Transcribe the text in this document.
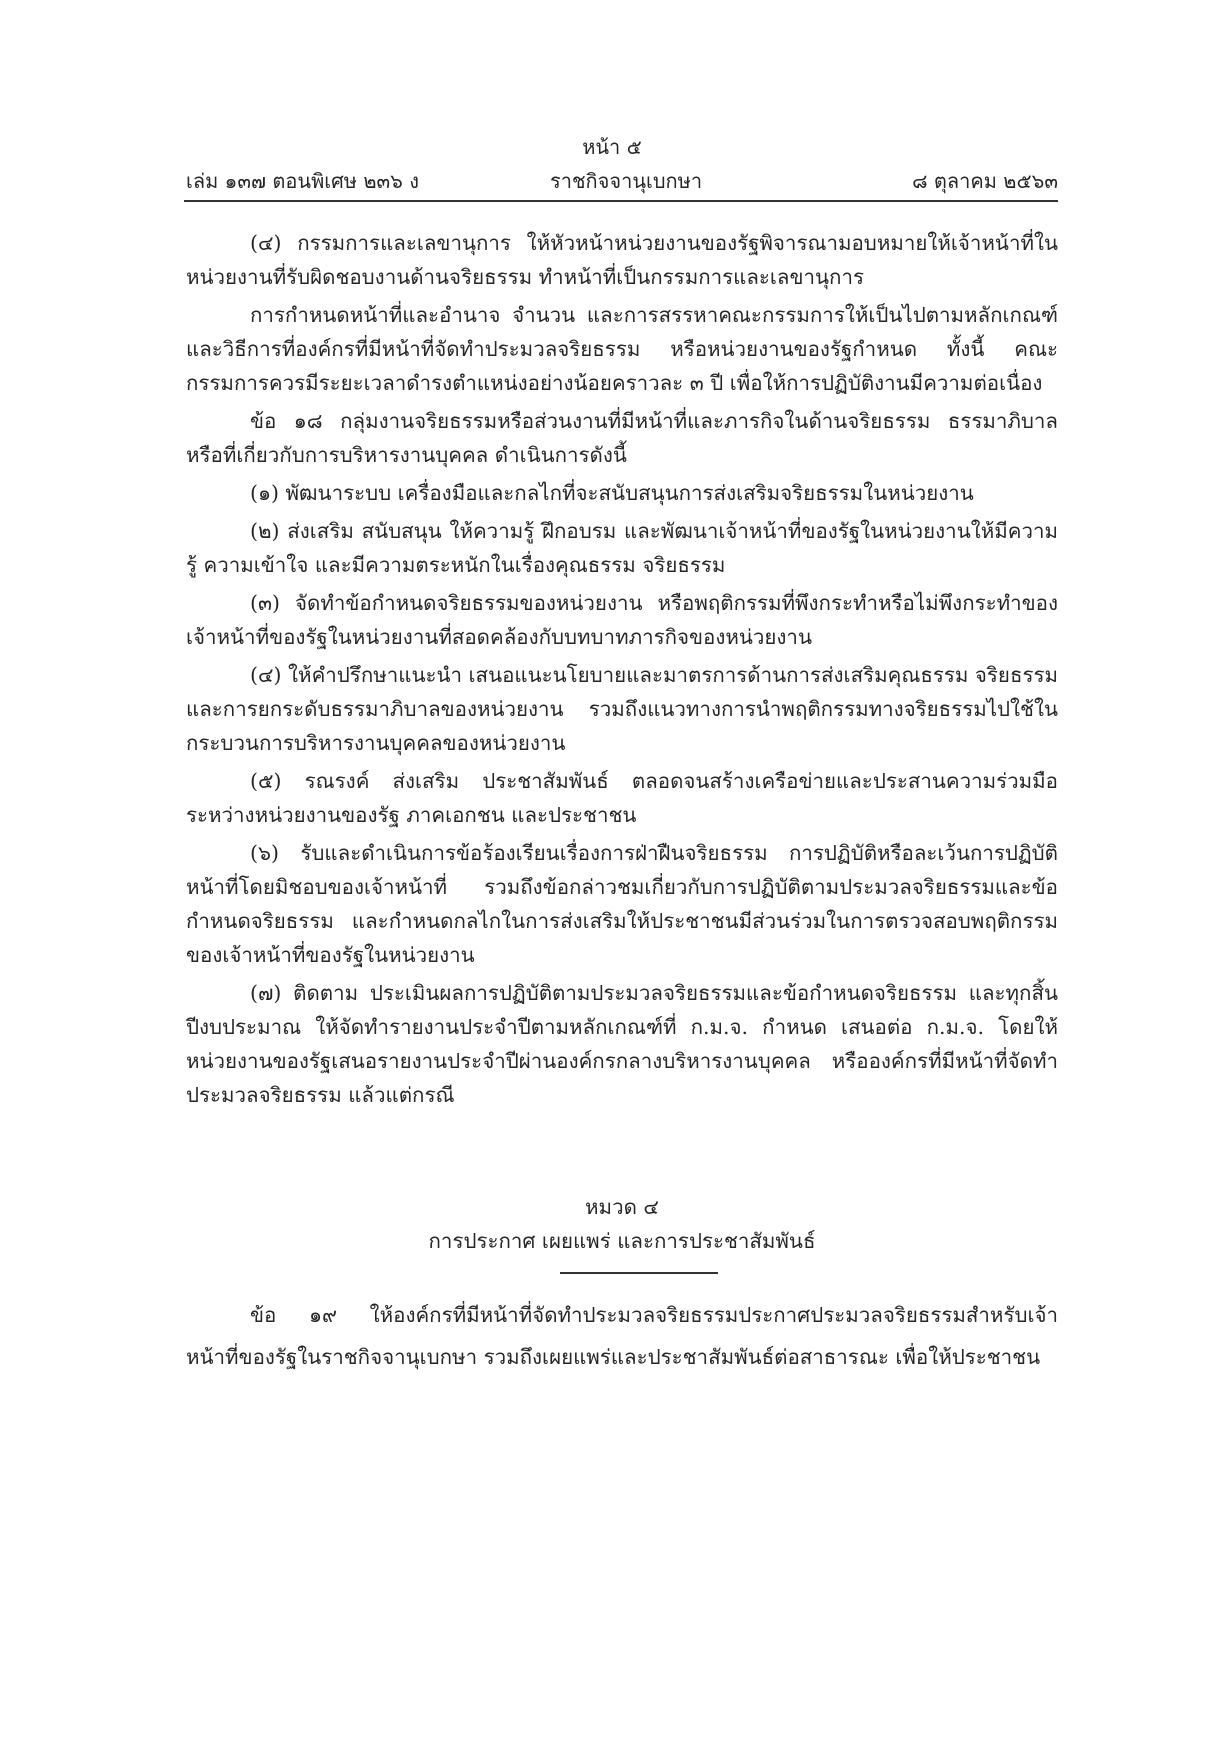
หน้า ๕
เล่ม ๑๓๗ ตอนพิเศษ ๒๓๖ ง	ราชกิจจานุเบกษา	๘ ตุลาคม ๒๕๖๓

(๔) กรรมการและเลขานุการ ให้หัวหน้าหน่วยงานของรัฐพิจารณามอบหมายให้เจ้าหน้าที่ในหน่วยงานที่รับผิดชอบงานด้านจริยธรรม ทำหน้าที่เป็นกรรมการและเลขานุการ

การกำหนดหน้าที่และอำนาจ จำนวน และการสรรหาคณะกรรมการให้เป็นไปตามหลักเกณฑ์และวิธีการที่องค์กรที่มีหน้าที่จัดทำประมวลจริยธรรม หรือหน่วยงานของรัฐกำหนด ทั้งนี้ คณะกรรมการควรมีระยะเวลาดำรงตำแหน่งอย่างน้อยคราวละ ๓ ปี เพื่อให้การปฏิบัติงานมีความต่อเนื่อง

ข้อ ๑๘ กลุ่มงานจริยธรรมหรือส่วนงานที่มีหน้าที่และภารกิจในด้านจริยธรรม ธรรมาภิบาล หรือที่เกี่ยวกับการบริหารงานบุคคล ดำเนินการดังนี้

(๑) พัฒนาระบบ เครื่องมือและกลไกที่จะสนับสนุนการส่งเสริมจริยธรรมในหน่วยงาน

(๒) ส่งเสริม สนับสนุน ให้ความรู้ ฝึกอบรม และพัฒนาเจ้าหน้าที่ของรัฐในหน่วยงานให้มีความรู้ ความเข้าใจ และมีความตระหนักในเรื่องคุณธรรม จริยธรรม

(๓) จัดทำข้อกำหนดจริยธรรมของหน่วยงาน หรือพฤติกรรมที่พึงกระทำหรือไม่พึงกระทำของเจ้าหน้าที่ของรัฐในหน่วยงานที่สอดคล้องกับบทบาทภารกิจของหน่วยงาน

(๔) ให้คำปรึกษาแนะนำ เสนอแนะนโยบายและมาตรการด้านการส่งเสริมคุณธรรม จริยธรรม และการยกระดับธรรมาภิบาลของหน่วยงาน รวมถึงแนวทางการนำพฤติกรรมทางจริยธรรมไปใช้ในกระบวนการบริหารงานบุคคลของหน่วยงาน

(๕) รณรงค์ ส่งเสริม ประชาสัมพันธ์ ตลอดจนสร้างเครือข่ายและประสานความร่วมมือระหว่างหน่วยงานของรัฐ ภาคเอกชน และประชาชน

(๖) รับและดำเนินการข้อร้องเรียนเรื่องการฝ่าฝืนจริยธรรม การปฏิบัติหรือละเว้นการปฏิบัติหน้าที่โดยมิชอบของเจ้าหน้าที่ รวมถึงข้อกล่าวชมเกี่ยวกับการปฏิบัติตามประมวลจริยธรรมและข้อกำหนดจริยธรรม และกำหนดกลไกในการส่งเสริมให้ประชาชนมีส่วนร่วมในการตรวจสอบพฤติกรรมของเจ้าหน้าที่ของรัฐในหน่วยงาน

(๗) ติดตาม ประเมินผลการปฏิบัติตามประมวลจริยธรรมและข้อกำหนดจริยธรรม และทุกสิ้นปีงบประมาณ ให้จัดทำรายงานประจำปีตามหลักเกณฑ์ที่ ก.ม.จ. กำหนด เสนอต่อ ก.ม.จ. โดยให้หน่วยงานของรัฐเสนอรายงานประจำปีผ่านองค์กรกลางบริหารงานบุคคล หรือองค์กรที่มีหน้าที่จัดทำประมวลจริยธรรม แล้วแต่กรณี

หมวด ๔
การประกาศ เผยแพร่ และการประชาสัมพันธ์

ข้อ ๑๙ ให้องค์กรที่มีหน้าที่จัดทำประมวลจริยธรรมประกาศประมวลจริยธรรมสำหรับเจ้าหน้าที่ของรัฐในราชกิจจานุเบกษา รวมถึงเผยแพร่และประชาสัมพันธ์ต่อสาธารณะ เพื่อให้ประชาชน
